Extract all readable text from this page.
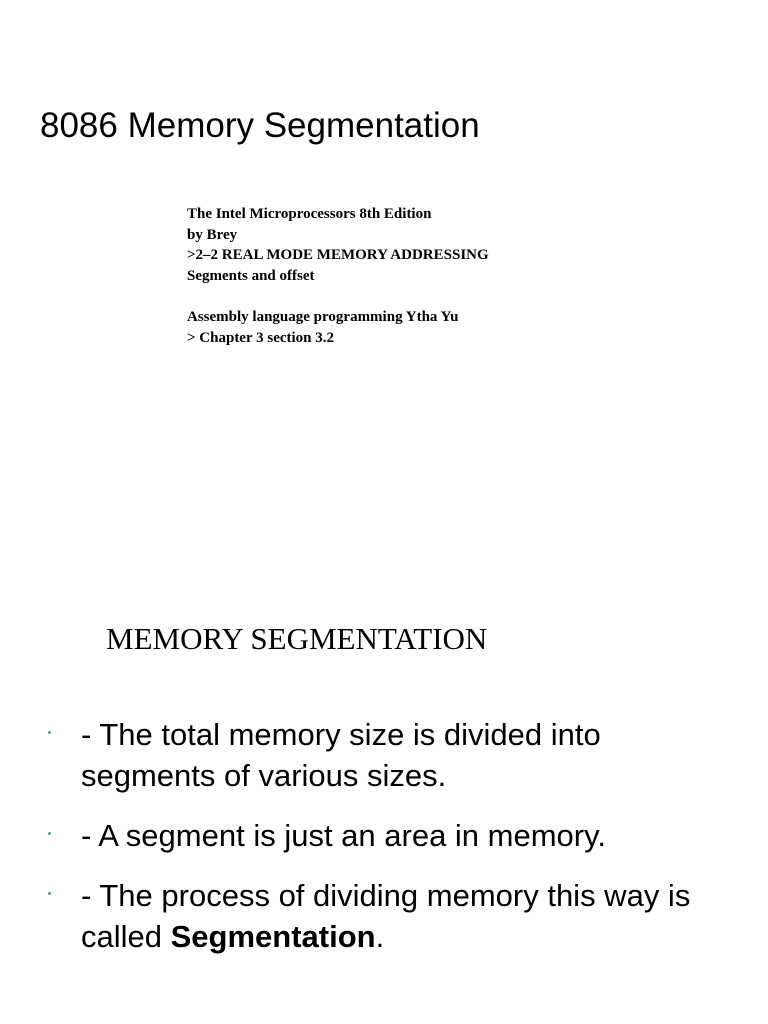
8086 Memory Segmentation
The Intel Microprocessors 8th Edition
by Brey
>2–2 REAL MODE MEMORY ADDRESSING
Segments and offset
Assembly language programming Ytha Yu
> Chapter 3 section 3.2
MEMORY SEGMENTATION
- The total memory size is divided into segments of various sizes.
- A segment is just an area in memory.
- The process of dividing memory this way is called Segmentation.
